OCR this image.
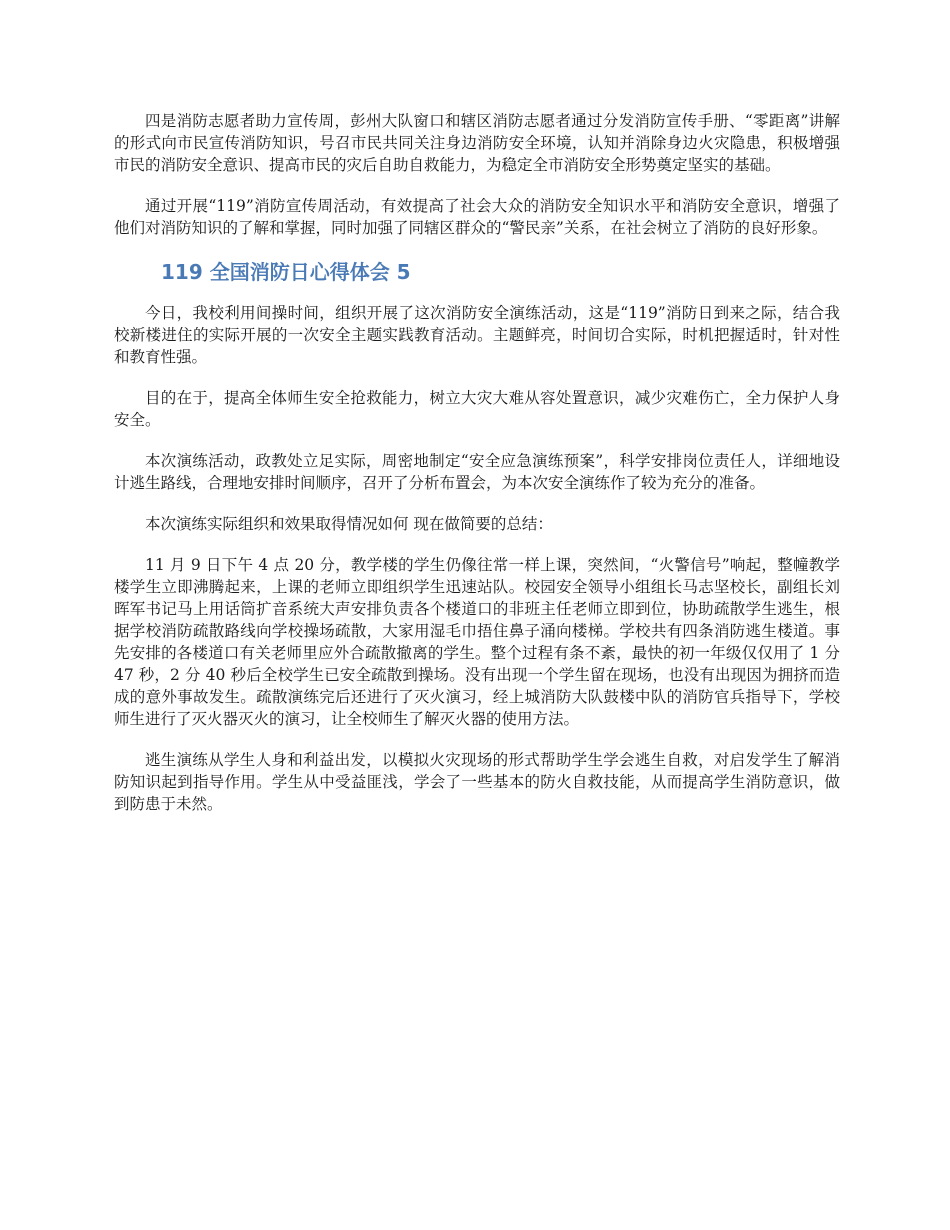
四是消防志愿者助力宣传周，彭州大队窗口和辖区消防志愿者通过分发消防宣传手册、“零距离”讲解的形式向市民宣传消防知识，号召市民共同关注身边消防安全环境，认知并消除身边火灾隐患，积极增强市民的消防安全意识、提高市民的灾后自助自救能力，为稳定全市消防安全形势奠定坚实的基础。

通过开展“119”消防宣传周活动，有效提高了社会大众的消防安全知识水平和消防安全意识，增强了他们对消防知识的了解和掌握，同时加强了同辖区群众的“警民亲”关系，在社会树立了消防的良好形象。

119 全国消防日心得体会 5

今日，我校利用间操时间，组织开展了这次消防安全演练活动，这是“119”消防日到来之际，结合我校新楼进住的实际开展的一次安全主题实践教育活动。主题鲜亮，时间切合实际，时机把握适时，针对性和教育性强。

目的在于，提高全体师生安全抢救能力，树立大灾大难从容处置意识，减少灾难伤亡，全力保护人身安全。

本次演练活动，政教处立足实际，周密地制定“安全应急演练预案”，科学安排岗位责任人，详细地设计逃生路线，合理地安排时间顺序，召开了分析布置会，为本次安全演练作了较为充分的准备。

本次演练实际组织和效果取得情况如何 现在做简要的总结：

11 月 9 日下午 4 点 20 分，教学楼的学生仍像往常一样上课，突然间，“火警信号”响起，整幢教学楼学生立即沸腾起来，上课的老师立即组织学生迅速站队。校园安全领导小组组长马志坚校长，副组长刘晖军书记马上用话筒扩音系统大声安排负责各个楼道口的非班主任老师立即到位，协助疏散学生逃生，根据学校消防疏散路线向学校操场疏散，大家用湿毛巾捂住鼻子涌向楼梯。学校共有四条消防逃生楼道。事先安排的各楼道口有关老师里应外合疏散撤离的学生。整个过程有条不紊，最快的初一年级仅仅用了 1 分 47 秒，2 分 40 秒后全校学生已安全疏散到操场。没有出现一个学生留在现场，也没有出现因为拥挤而造成的意外事故发生。疏散演练完后还进行了灭火演习，经上城消防大队鼓楼中队的消防官兵指导下，学校师生进行了灭火器灭火的演习，让全校师生了解灭火器的使用方法。

逃生演练从学生人身和利益出发，以模拟火灾现场的形式帮助学生学会逃生自救，对启发学生了解消防知识起到指导作用。学生从中受益匪浅，学会了一些基本的防火自救技能，从而提高学生消防意识，做到防患于未然。
